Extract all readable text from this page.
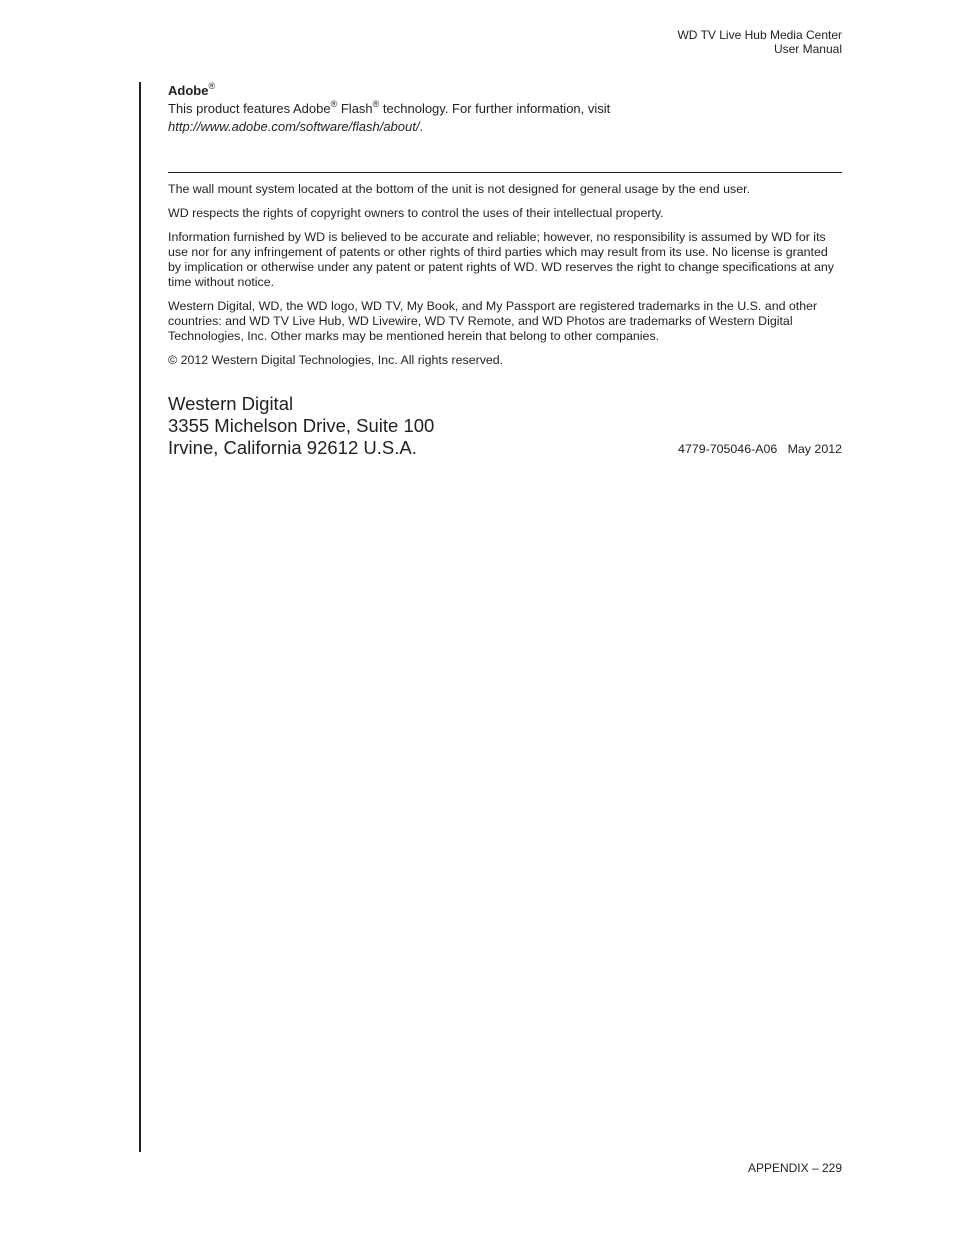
WD TV Live Hub Media Center
User Manual
Adobe®
This product features Adobe® Flash® technology. For further information, visit
http://www.adobe.com/software/flash/about/.

The wall mount system located at the bottom of the unit is not designed for general usage by the end user.

WD respects the rights of copyright owners to control the uses of their intellectual property.

Information furnished by WD is believed to be accurate and reliable; however, no responsibility is assumed by WD for its use nor for any infringement of patents or other rights of third parties which may result from its use. No license is granted by implication or otherwise under any patent or patent rights of WD. WD reserves the right to change specifications at any time without notice.

Western Digital, WD, the WD logo, WD TV, My Book, and My Passport are registered trademarks in the U.S. and other countries: and WD TV Live Hub, WD Livewire, WD TV Remote, and WD Photos are trademarks of Western Digital Technologies, Inc. Other marks may be mentioned herein that belong to other companies.

© 2012 Western Digital Technologies, Inc. All rights reserved.

Western Digital
3355 Michelson Drive, Suite 100
Irvine, California 92612 U.S.A.	4779-705046-A06   May 2012
APPENDIX – 229
